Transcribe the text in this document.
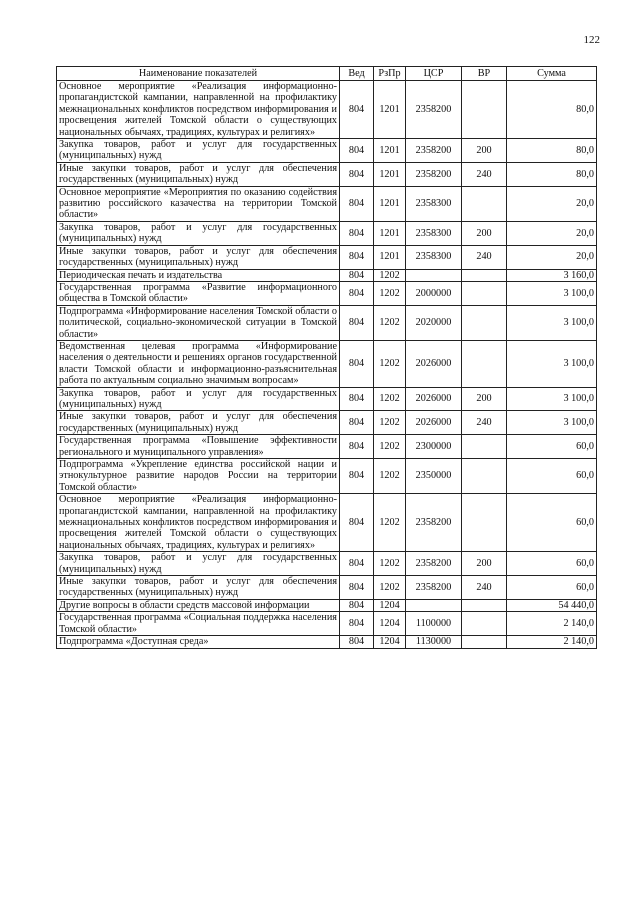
122
Наименование показателей	Вед	РзПр	ЦСР	ВР	Сумма
Основное мероприятие «Реализация информационно-пропагандистской кампании, направленной на профилактику межнациональных конфликтов посредством информирования и просвещения жителей Томской области о существующих национальных обычаях, традициях, культурах и религиях»	804	1201	2358200		80,0
Закупка товаров, работ и услуг для государственных (муниципальных) нужд	804	1201	2358200	200	80,0
Иные закупки товаров, работ и услуг для обеспечения государственных (муниципальных) нужд	804	1201	2358200	240	80,0
Основное мероприятие «Мероприятия по оказанию содействия развитию российского казачества на территории Томской области»	804	1201	2358300		20,0
Закупка товаров, работ и услуг для государственных (муниципальных) нужд	804	1201	2358300	200	20,0
Иные закупки товаров, работ и услуг для обеспечения государственных (муниципальных) нужд	804	1201	2358300	240	20,0
Периодическая печать и издательства	804	1202			3 160,0
Государственная программа «Развитие информационного общества в Томской области»	804	1202	2000000		3 100,0
Подпрограмма «Информирование населения Томской области о политической, социально-экономической ситуации в Томской области»	804	1202	2020000		3 100,0
Ведомственная целевая программа «Информирование населения о деятельности и решениях органов государственной власти Томской области и информационно-разъяснительная работа по актуальным социально значимым вопросам»	804	1202	2026000		3 100,0
Закупка товаров, работ и услуг для государственных (муниципальных) нужд	804	1202	2026000	200	3 100,0
Иные закупки товаров, работ и услуг для обеспечения государственных (муниципальных) нужд	804	1202	2026000	240	3 100,0
Государственная программа «Повышение эффективности регионального и муниципального управления»	804	1202	2300000		60,0
Подпрограмма «Укрепление единства российской нации и этнокультурное развитие народов России на территории Томской области»	804	1202	2350000		60,0
Основное мероприятие «Реализация информационно-пропагандистской кампании, направленной на профилактику межнациональных конфликтов посредством информирования и просвещения жителей Томской области о существующих национальных обычаях, традициях, культурах и религиях»	804	1202	2358200		60,0
Закупка товаров, работ и услуг для государственных (муниципальных) нужд	804	1202	2358200	200	60,0
Иные закупки товаров, работ и услуг для обеспечения государственных (муниципальных) нужд	804	1202	2358200	240	60,0
Другие вопросы в области средств массовой информации	804	1204			54 440,0
Государственная программа «Социальная поддержка населения Томской области»	804	1204	1100000		2 140,0
Подпрограмма «Доступная среда»	804	1204	1130000		2 140,0
